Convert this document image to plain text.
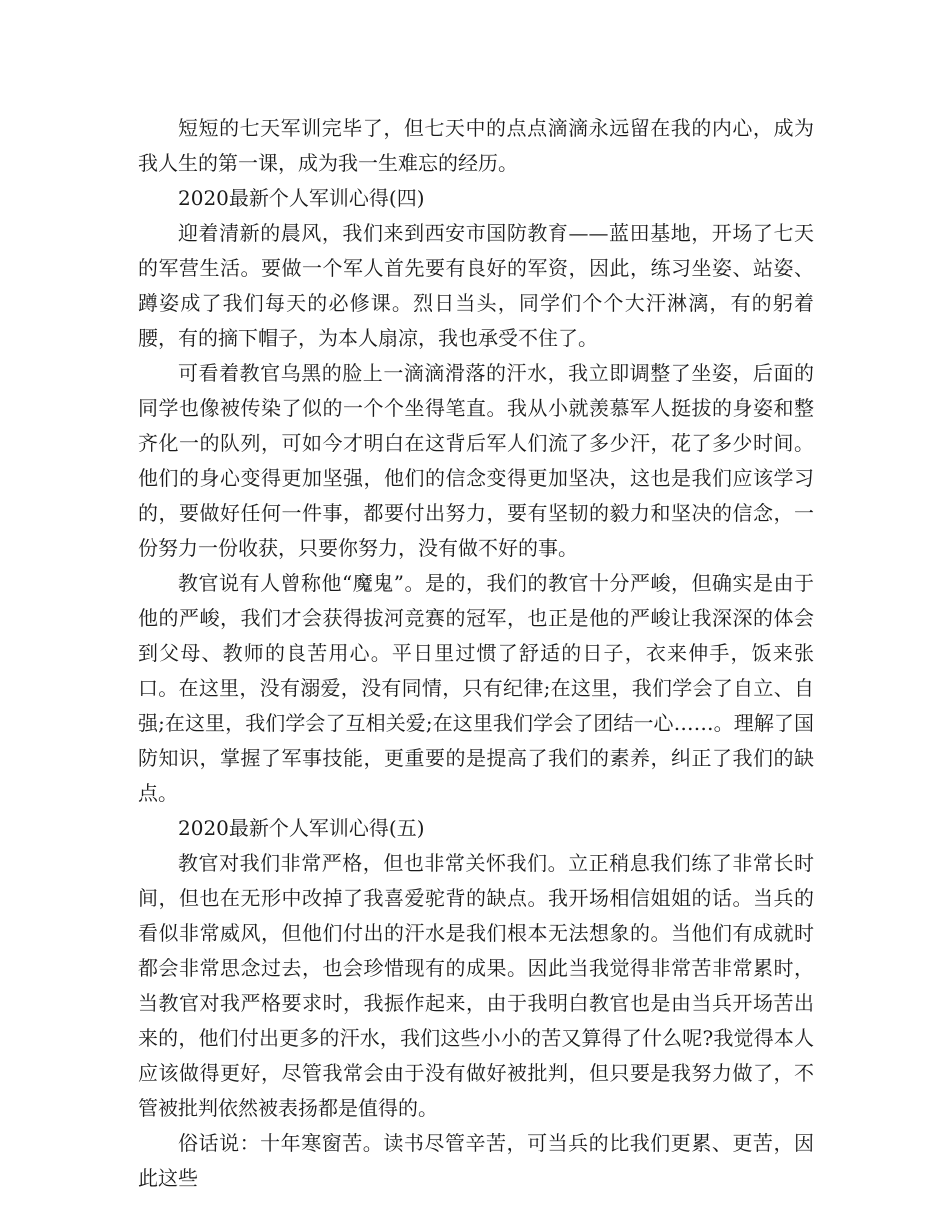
短短的七天军训完毕了，但七天中的点点滴滴永远留在我的内心，成为我人生的第一课，成为我一生难忘的经历。

2020最新个人军训心得(四)

迎着清新的晨风，我们来到西安市国防教育——蓝田基地，开场了七天的军营生活。要做一个军人首先要有良好的军资，因此，练习坐姿、站姿、蹲姿成了我们每天的必修课。烈日当头，同学们个个大汗淋漓，有的躬着腰，有的摘下帽子，为本人扇凉，我也承受不住了。

可看着教官乌黑的脸上一滴滴滑落的汗水，我立即调整了坐姿，后面的同学也像被传染了似的一个个坐得笔直。我从小就羡慕军人挺拔的身姿和整齐化一的队列，可如今才明白在这背后军人们流了多少汗，花了多少时间。他们的身心变得更加坚强，他们的信念变得更加坚决，这也是我们应该学习的，要做好任何一件事，都要付出努力，要有坚韧的毅力和坚决的信念，一份努力一份收获，只要你努力，没有做不好的事。

教官说有人曾称他“魔鬼”。是的，我们的教官十分严峻，但确实是由于他的严峻，我们才会获得拔河竞赛的冠军，也正是他的严峻让我深深的体会到父母、教师的良苦用心。平日里过惯了舒适的日子，衣来伸手，饭来张口。在这里，没有溺爱，没有同情，只有纪律;在这里，我们学会了自立、自强;在这里，我们学会了互相关爱;在这里我们学会了团结一心……。理解了国防知识，掌握了军事技能，更重要的是提高了我们的素养，纠正了我们的缺点。

2020最新个人军训心得(五)

教官对我们非常严格，但也非常关怀我们。立正稍息我们练了非常长时间，但也在无形中改掉了我喜爱驼背的缺点。我开场相信姐姐的话。当兵的看似非常威风，但他们付出的汗水是我们根本无法想象的。当他们有成就时都会非常思念过去，也会珍惜现有的成果。因此当我觉得非常苦非常累时，当教官对我严格要求时，我振作起来，由于我明白教官也是由当兵开场苦出来的，他们付出更多的汗水，我们这些小小的苦又算得了什么呢?我觉得本人应该做得更好，尽管我常会由于没有做好被批判，但只要是我努力做了，不管被批判依然被表扬都是值得的。

俗话说：十年寒窗苦。读书尽管辛苦，可当兵的比我们更累、更苦，因此这些
